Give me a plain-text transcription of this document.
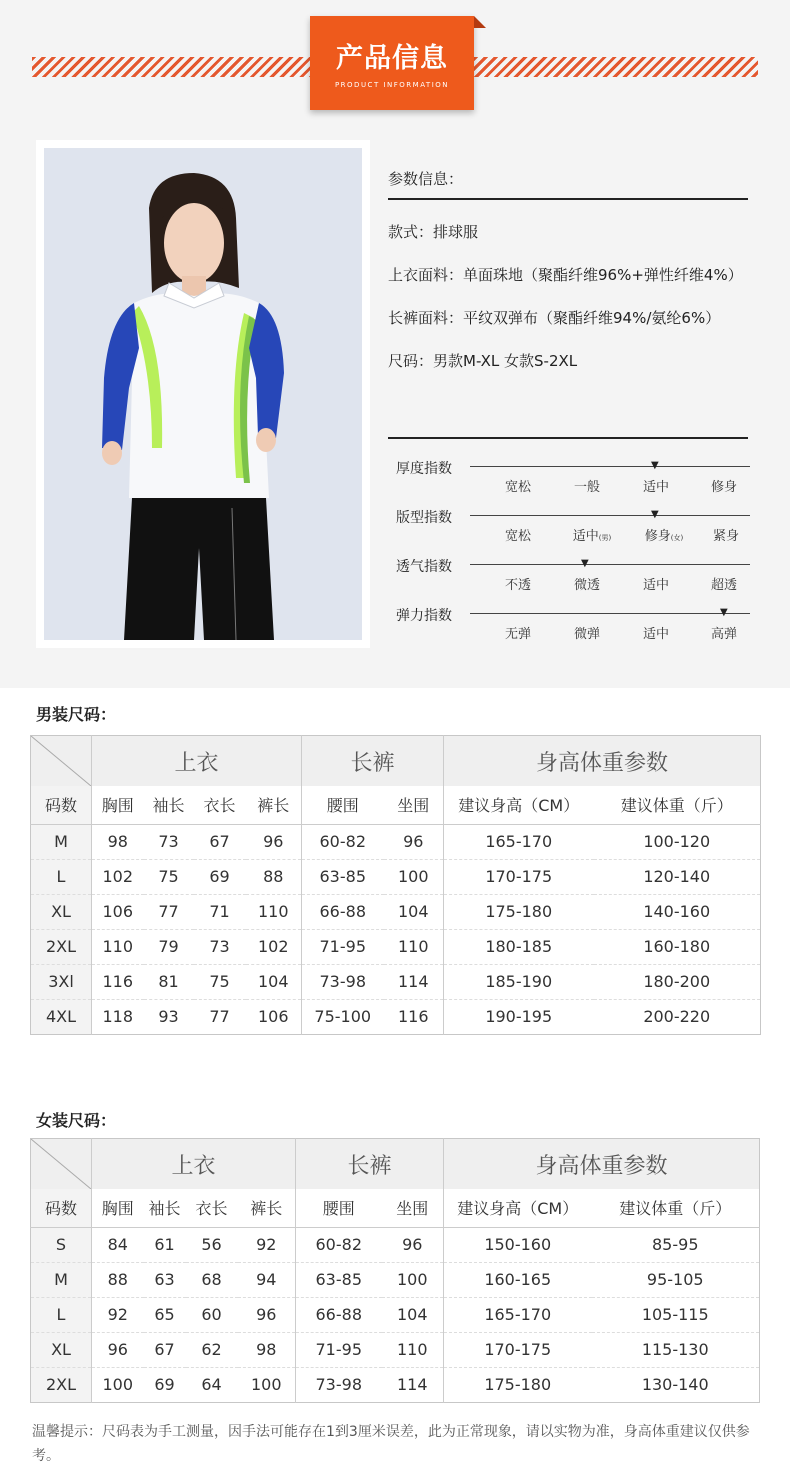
产品信息
PRODUCT INFORMATION
参数信息：
款式：排球服
上衣面料：单面珠地（聚酯纤维96%+弹性纤维4%）
长裤面料：平纹双弹布（聚酯纤维94%/氨纶6%）
尺码：男款M-XL 女款S-2XL
厚度指数	▼
宽松	一般	适中	修身
版型指数	▼
宽松	适中(男)	修身(女) 紧身
透气指数	▼
不透	微透	适中	超透
弹力指数	▼
无弹	微弹	适中	高弹
男装尺码：
	上衣				长裤		身高体重参数	
码数	胸围	袖长	衣长	裤长	腰围	坐围	建议身高（CM）	建议体重（斤）
M	98	73	67	96	60-82	96	165-170	100-120
L	102	75	69	88	63-85	100	170-175	120-140
XL	106	77	71	110	66-88	104	175-180	140-160
2XL	110	79	73	102	71-95	110	180-185	160-180
3Xl	116	81	75	104	73-98	114	185-190	180-200
4XL	118	93	77	106	75-100	116	190-195	200-220
女装尺码：
	上衣				长裤		身高体重参数	
码数	胸围	袖长	衣长	裤长	腰围	坐围	建议身高（CM）	建议体重（斤）
S	84	61	56	92	60-82	96	150-160	85-95
M	88	63	68	94	63-85	100	160-165	95-105
L	92	65	60	96	66-88	104	165-170	105-115
XL	96	67	62	98	71-95	110	170-175	115-130
2XL	100	69	64	100	73-98	114	175-180	130-140
温馨提示：尺码表为手工测量，因手法可能存在1到3厘米误差，此为正常现象，请以实物为准，身高体重建议仅供参考。
